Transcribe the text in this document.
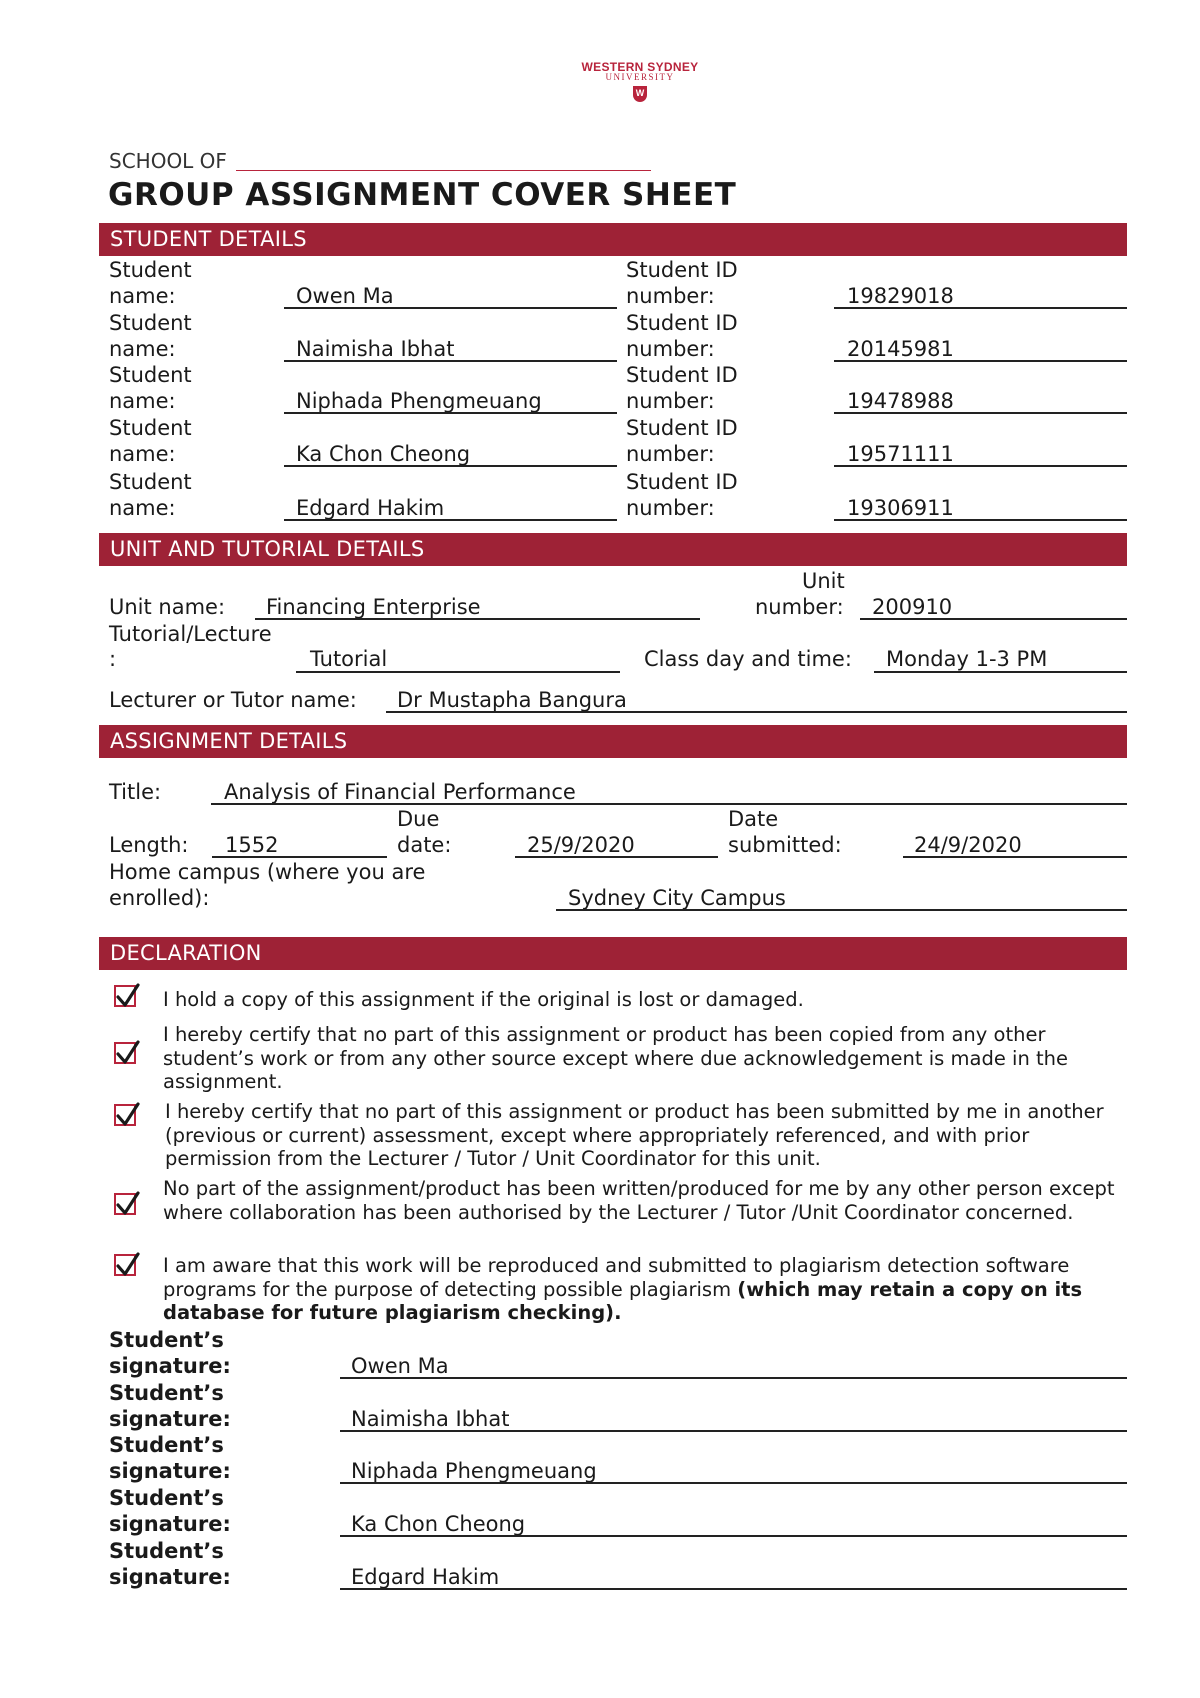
WESTERN SYDNEY
UNIVERSITY
W
SCHOOL OF
GROUP ASSIGNMENT COVER SHEET
STUDENT DETAILS
Student
name:	Owen Ma
Student ID
number:	19829018
Student
name:	Naimisha Ibhat
Student ID
number:	20145981
Student
name:	Niphada Phengmeuang
Student ID
number:	19478988
Student
name:	Ka Chon Cheong
Student ID
number:	19571111
Student
name:	Edgard Hakim
Student ID
number:	19306911
UNIT AND TUTORIAL DETAILS
Unit name: Financing Enterprise
Unit
number: 200910
Tutorial/Lecture
:	Tutorial	Class day and time: Monday 1-3 PM
Lecturer or Tutor name: Dr Mustapha Bangura
ASSIGNMENT DETAILS
Title:	Analysis of Financial Performance
Length: 1552
Due
date:	25/9/2020
Date
submitted:	24/9/2020
Home campus (where you are
enrolled):	Sydney City Campus
DECLARATION
I hold a copy of this assignment if the original is lost or damaged.
I hereby certify that no part of this assignment or product has been copied from any other student’s work or from any other source except where due acknowledgement is made in the assignment.
I hereby certify that no part of this assignment or product has been submitted by me in another (previous or current) assessment, except where appropriately referenced, and with prior permission from the Lecturer / Tutor / Unit Coordinator for this unit.
No part of the assignment/product has been written/produced for me by any other person except where collaboration has been authorised by the Lecturer / Tutor /Unit Coordinator concerned.
I am aware that this work will be reproduced and submitted to plagiarism detection software programs for the purpose of detecting possible plagiarism (which may retain a copy on its database for future plagiarism checking).
Student’s
signature:	Owen Ma
Student’s
signature:	Naimisha Ibhat
Student’s
signature:	Niphada Phengmeuang
Student’s
signature:	Ka Chon Cheong
Student’s
signature:	Edgard Hakim
